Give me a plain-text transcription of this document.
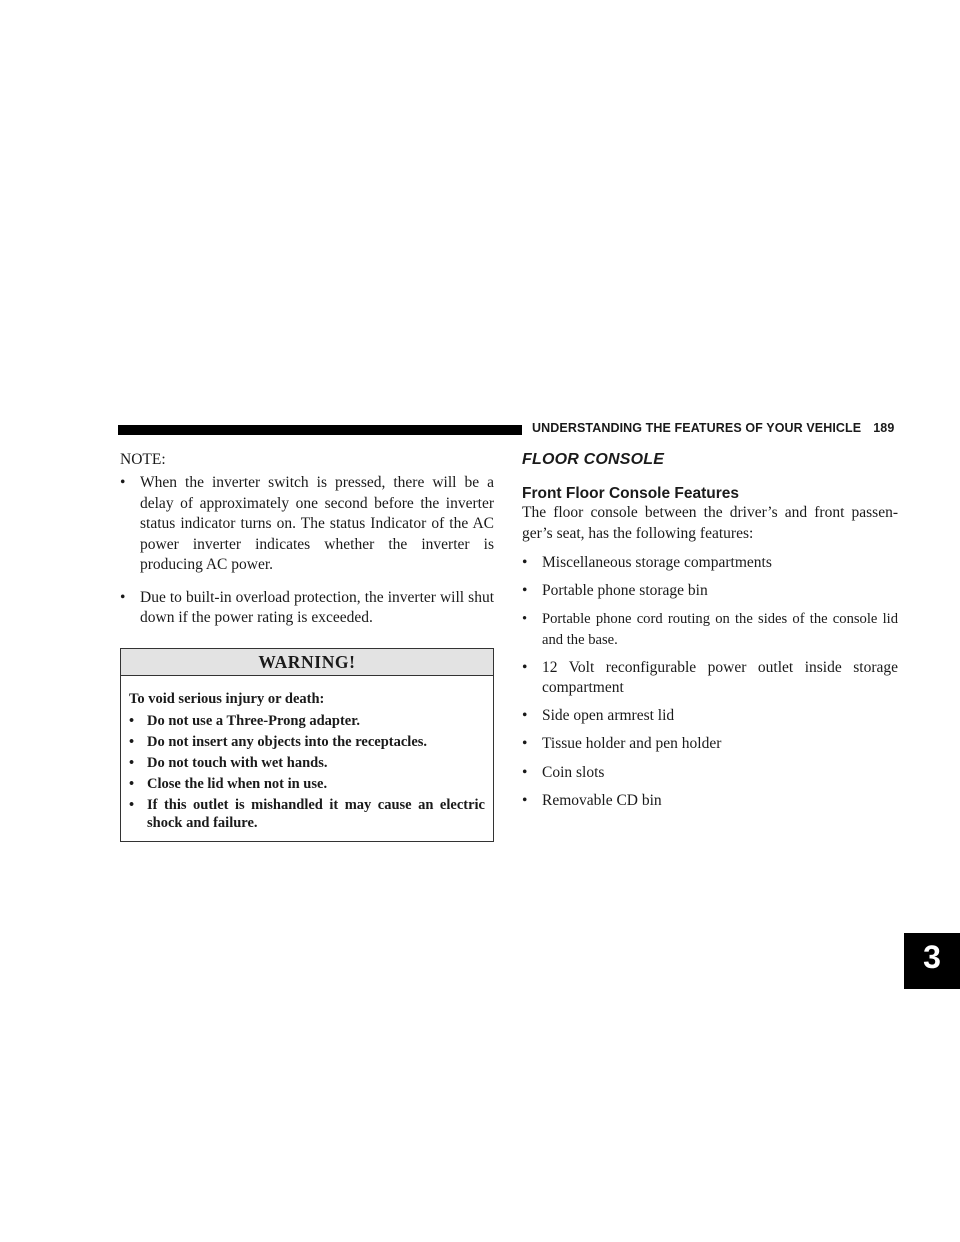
UNDERSTANDING THE FEATURES OF YOUR VEHICLE 189
3

NOTE:

• When the inverter switch is pressed, there will be a delay of approximately one second before the inverter status indicator turns on. The status Indicator of the AC power inverter indicates whether the inverter is producing AC power.
• Due to built-in overload protection, the inverter will shut down if the power rating is exceeded.
WARNING!

To void serious injury or death:

• Do not use a Three-Prong adapter.
• Do not insert any objects into the receptacles.
• Do not touch with wet hands.
• Close the lid when not in use.
• If this outlet is mishandled it may cause an electric shock and failure.
FLOOR CONSOLE
Front Floor Console Features

The floor console between the driver’s and front passen-ger’s seat, has the following features:

• Miscellaneous storage compartments
• Portable phone storage bin
• Portable phone cord routing on the sides of the console lid and the base.
• 12 Volt reconfigurable power outlet inside storage compartment
• Side open armrest lid
• Tissue holder and pen holder
• Coin slots
• Removable CD bin
